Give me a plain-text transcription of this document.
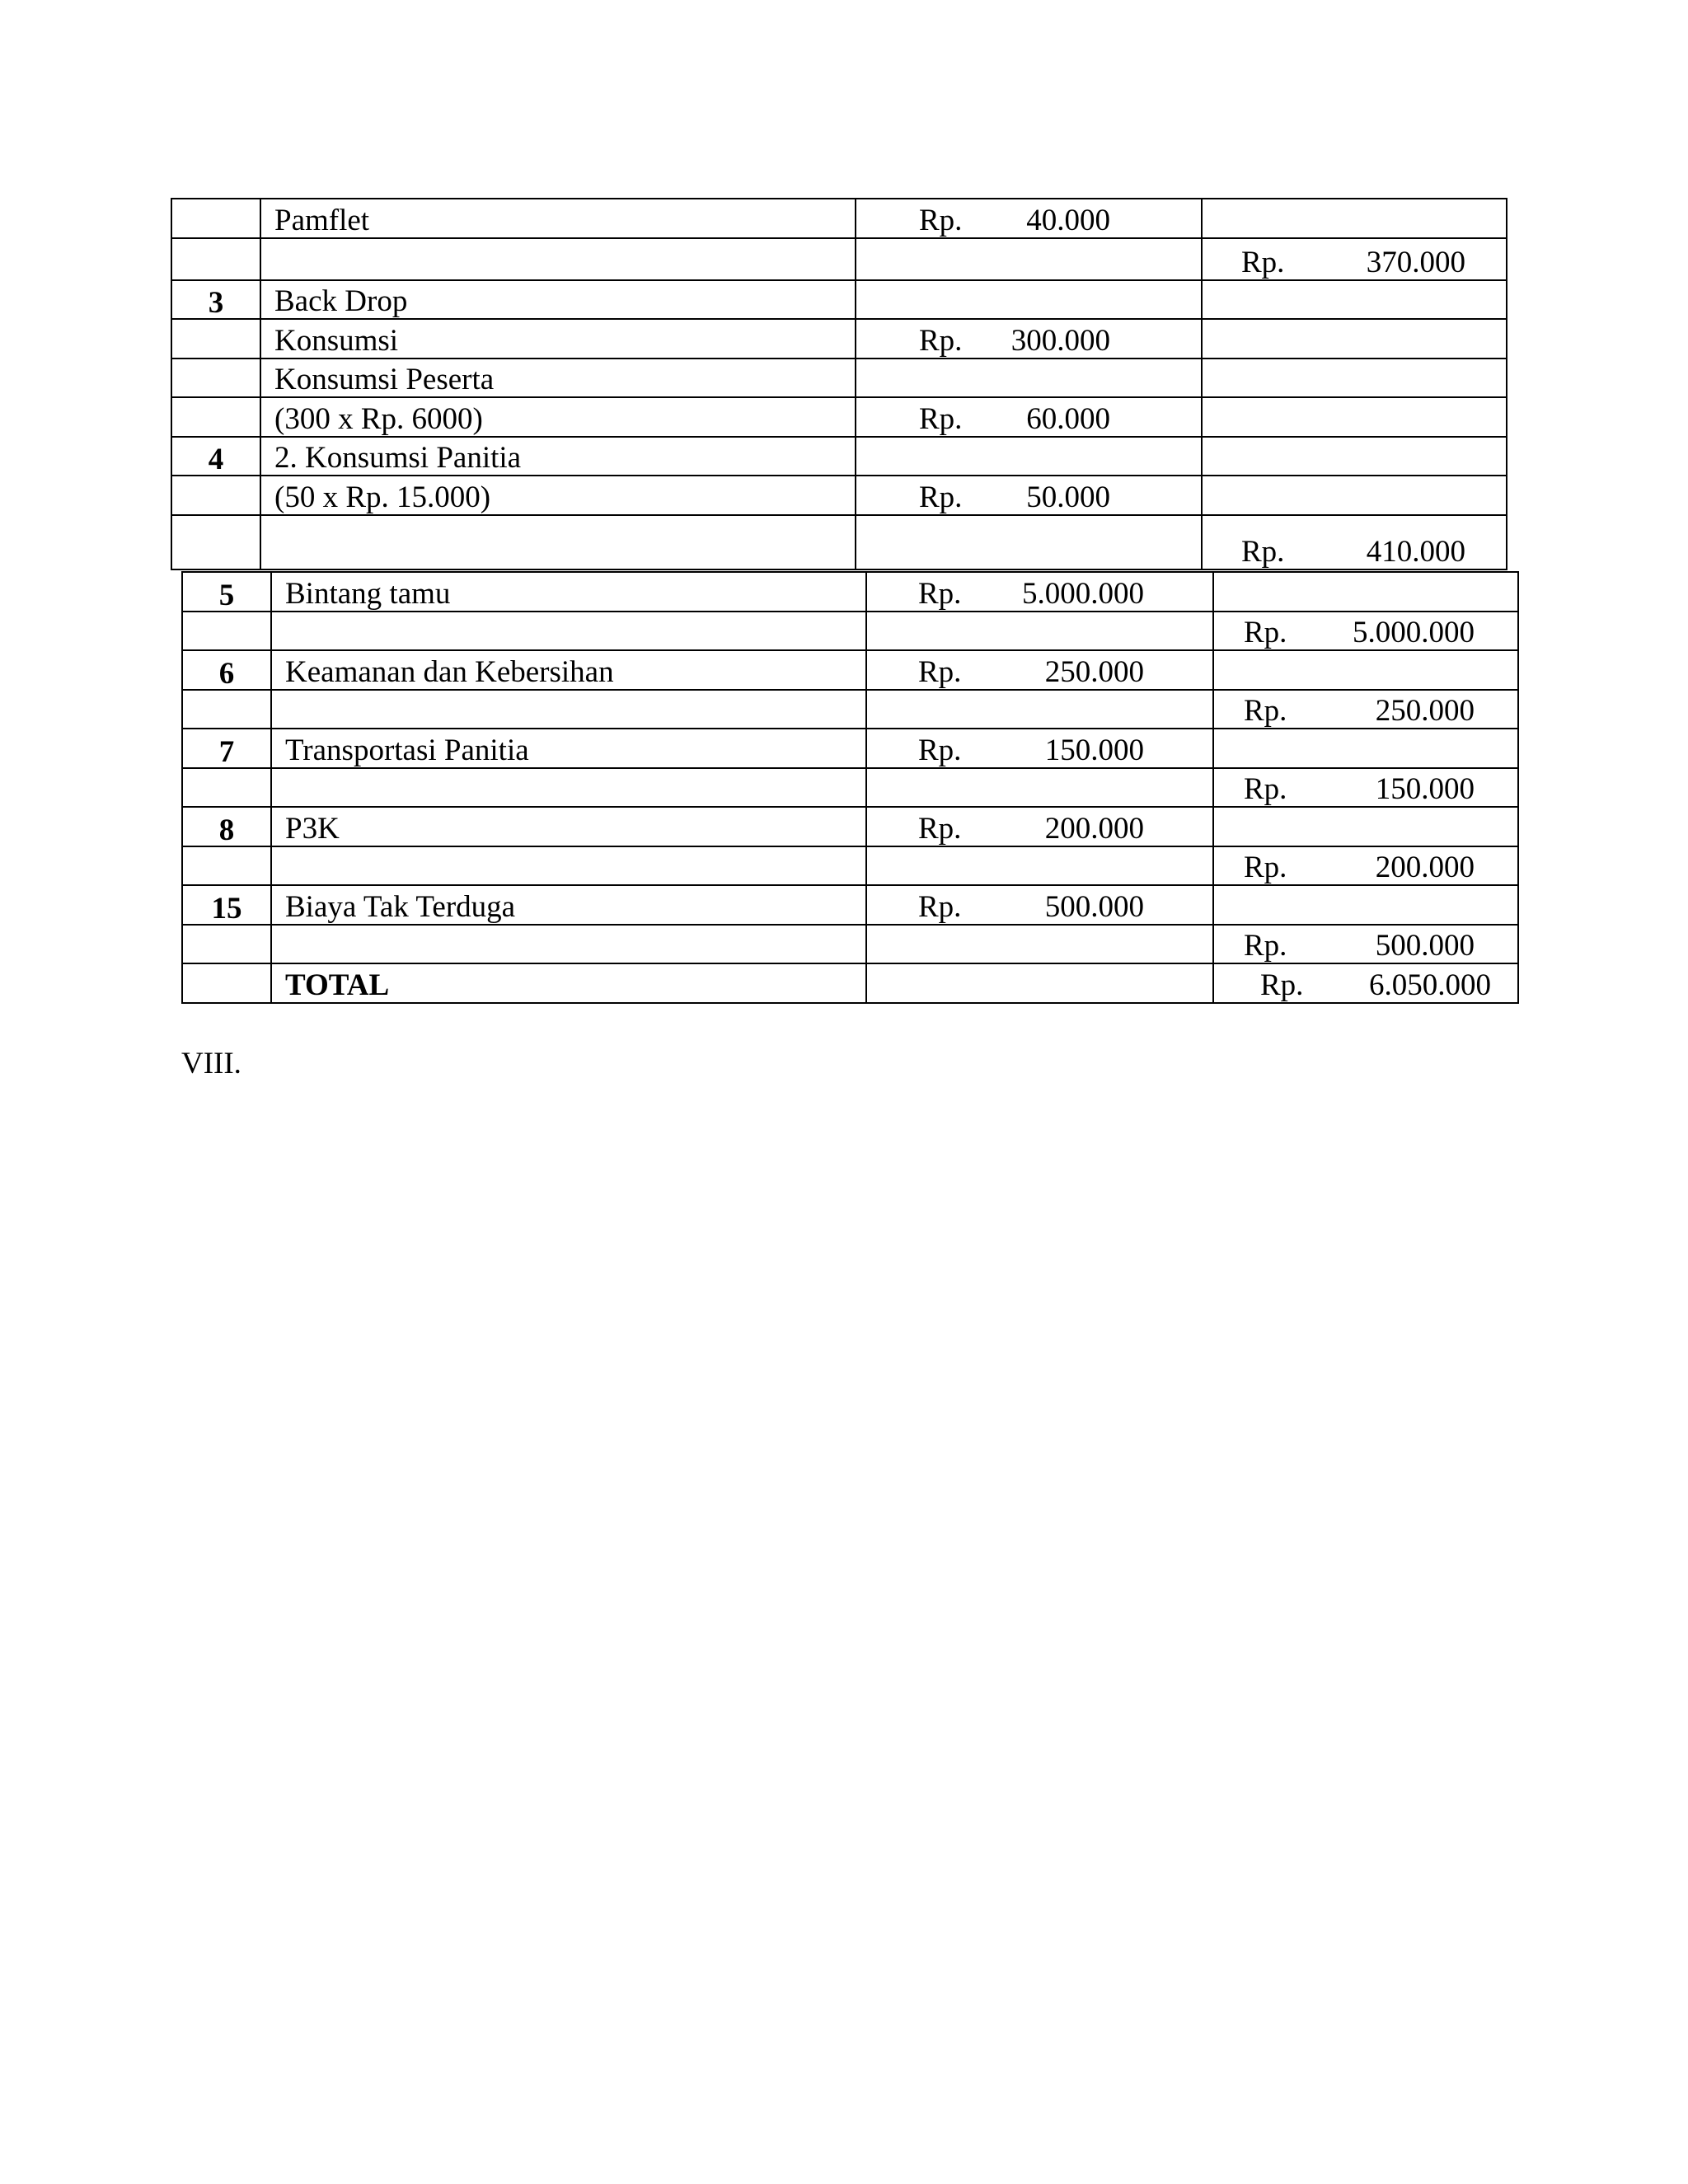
	Pamflet	Rp. 40.000	

			Rp. 370.000

3	Back Drop		
	Konsumsi	Rp. 300.000	

	Konsumsi Peserta		
	(300 x Rp. 6000)	Rp. 60.000	

4	2. Konsumsi Panitia		
	(50 x Rp. 15.000)	Rp. 50.000	

			Rp. 410.000
5	Bintang tamu	Rp. 5.000.000	

			Rp. 5.000.000

6	Keamanan dan Kebersihan	Rp. 250.000	

			Rp. 250.000

7	Transportasi Panitia	Rp. 150.000	

			Rp. 150.000

8	P3K	Rp. 200.000	

			Rp. 200.000

15	Biaya Tak Terduga	Rp. 500.000	

			Rp. 500.000

	TOTAL		Rp. 6.050.000
VIII.
